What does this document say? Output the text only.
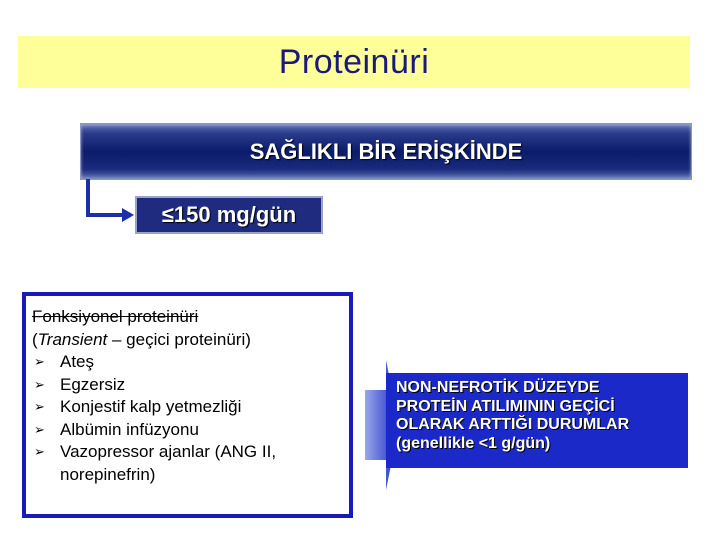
Proteinüri
SAĞLIKLI BİR ERİŞKİNDE
≤150 mg/gün
Fonksiyonel proteinüri
(Transient – geçici proteinüri)
➢ Ateş
➢ Egzersiz
➢ Konjestif kalp yetmezliği
➢ Albümin infüzyonu
➢ Vazopressor ajanlar (ANG II, norepinefrin)
NON-NEFROTİK DÜZEYDE
PROTEİN ATILIMININ GEÇİCİ
OLARAK ARTTIĞI DURUMLAR
(genellikle <1 g/gün)
